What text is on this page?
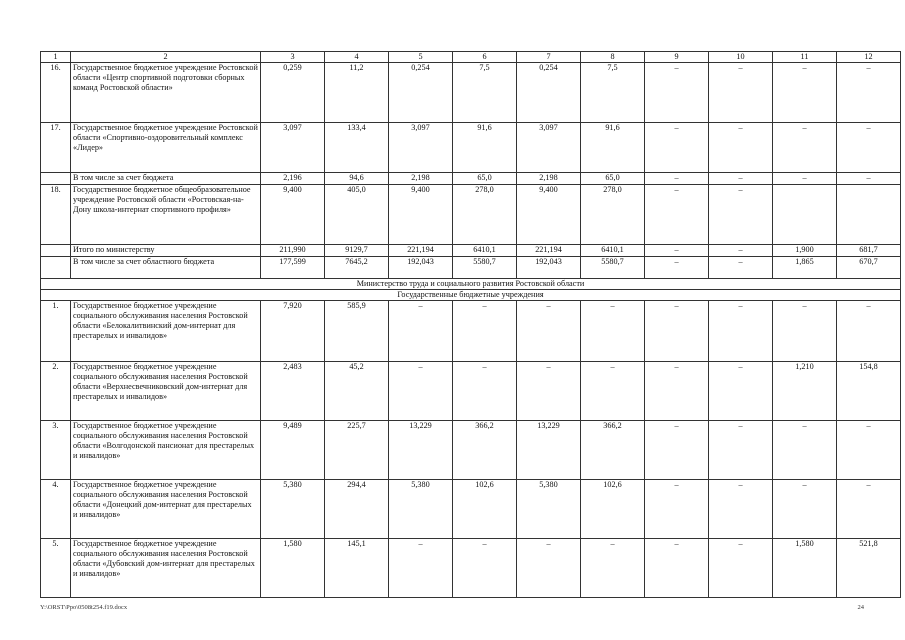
1	2	3	4	5	6	7	8	9	10	11	12
16.	Государственное бюджетное учреждение Ростовской области «Центр спортивной подготовки сборных команд Ростовской области»	0,259	11,2	0,254	7,5	0,254	7,5	–	–	–	–
17.	Государственное бюджетное учреждение Ростовской области «Спортивно-оздоровительный комплекс «Лидер»	3,097	133,4	3,097	91,6	3,097	91,6	–	–	–	–
	В том числе за счет бюджета	2,196	94,6	2,198	65,0	2,198	65,0	–	–	–	–
18.	Государственное бюджетное общеобразовательное учреждение Ростовской области «Ростовская-на-Дону школа-интернат спортивного профиля»	9,400	405,0	9,400	278,0	9,400	278,0	–	–		
	Итого по министерству	211,990	9129,7	221,194	6410,1	221,194	6410,1	–	–	1,900	681,7
	В том числе за счет областного бюджета	177,599	7645,2	192,043	5580,7	192,043	5580,7	–	–	1,865	670,7
Министерство труда и социального развития Ростовской области											
Государственные бюджетные учреждения											
1.	Государственное бюджетное учреждение социального обслуживания населения Ростовской области «Белокалитвинский дом-интернат для престарелых и инвалидов»	7,920	585,9	–	–	–	–	–	–	–	–
2.	Государственное бюджетное учреждение социального обслуживания населения Ростовской области «Верхнесвечниковский дом-интернат для престарелых и инвалидов»	2,483	45,2	–	–	–	–	–	–	1,210	154,8
3.	Государственное бюджетное учреждение социального обслуживания населения Ростовской области «Волгодонской пансионат для престарелых и инвалидов»	9,489	225,7	13,229	366,2	13,229	366,2	–	–	–	–
4.	Государственное бюджетное учреждение социального обслуживания населения Ростовской области «Донецкий дом-интернат для престарелых и инвалидов»	5,380	294,4	5,380	102,6	5,380	102,6	–	–	–	–
5.	Государственное бюджетное учреждение социального обслуживания населения Ростовской области «Дубовский дом-интернат для престарелых и инвалидов»	1,580	145,1	–	–	–	–	–	–	1,580	521,8
Y:\ORST\Ppo\0508t254.f19.docx	24
